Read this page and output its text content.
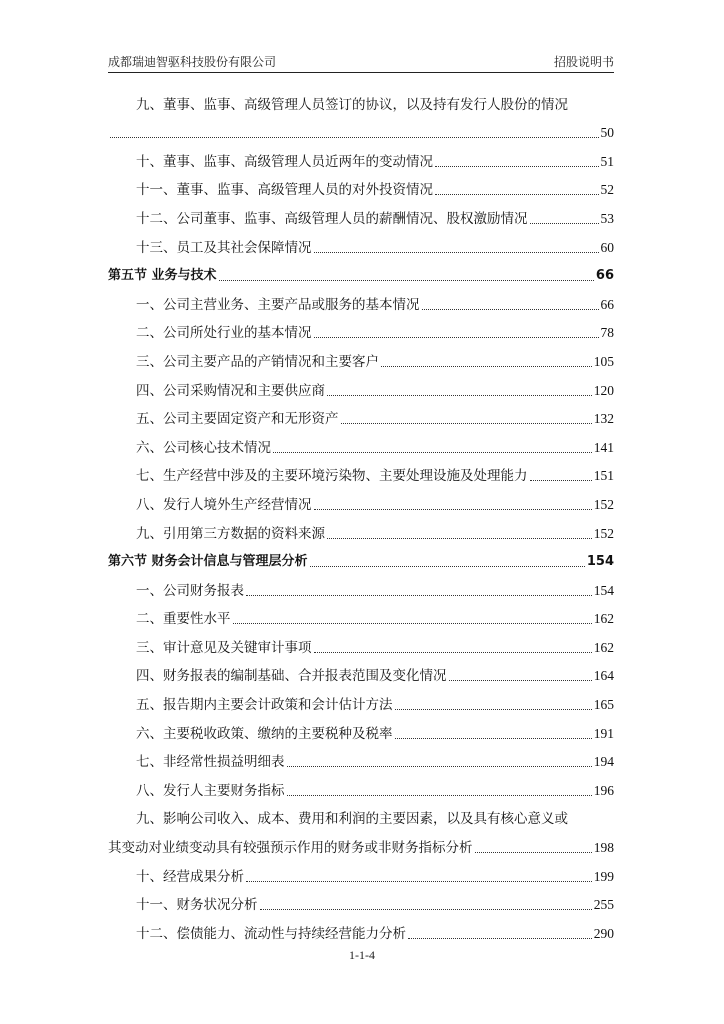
成都瑞迪智驱科技股份有限公司	招股说明书
九、董事、监事、高级管理人员签订的协议，以及持有发行人股份的情况
50
十、董事、监事、高级管理人员近两年的变动情况	51
十一、董事、监事、高级管理人员的对外投资情况	52
十二、公司董事、监事、高级管理人员的薪酬情况、股权激励情况	53
十三、员工及其社会保障情况	60
第五节 业务与技术	66
一、公司主营业务、主要产品或服务的基本情况	66
二、公司所处行业的基本情况	78
三、公司主要产品的产销情况和主要客户	105
四、公司采购情况和主要供应商	120
五、公司主要固定资产和无形资产	132
六、公司核心技术情况	141
七、生产经营中涉及的主要环境污染物、主要处理设施及处理能力	151
八、发行人境外生产经营情况	152
九、引用第三方数据的资料来源	152
第六节 财务会计信息与管理层分析	154
一、公司财务报表	154
二、重要性水平	162
三、审计意见及关键审计事项	162
四、财务报表的编制基础、合并报表范围及变化情况	164
五、报告期内主要会计政策和会计估计方法	165
六、主要税收政策、缴纳的主要税种及税率	191
七、非经常性损益明细表	194
八、发行人主要财务指标	196
九、影响公司收入、成本、费用和利润的主要因素，以及具有核心意义或
其变动对业绩变动具有较强预示作用的财务或非财务指标分析	198
十、经营成果分析	199
十一、财务状况分析	255
十二、偿债能力、流动性与持续经营能力分析	290
1-1-4
